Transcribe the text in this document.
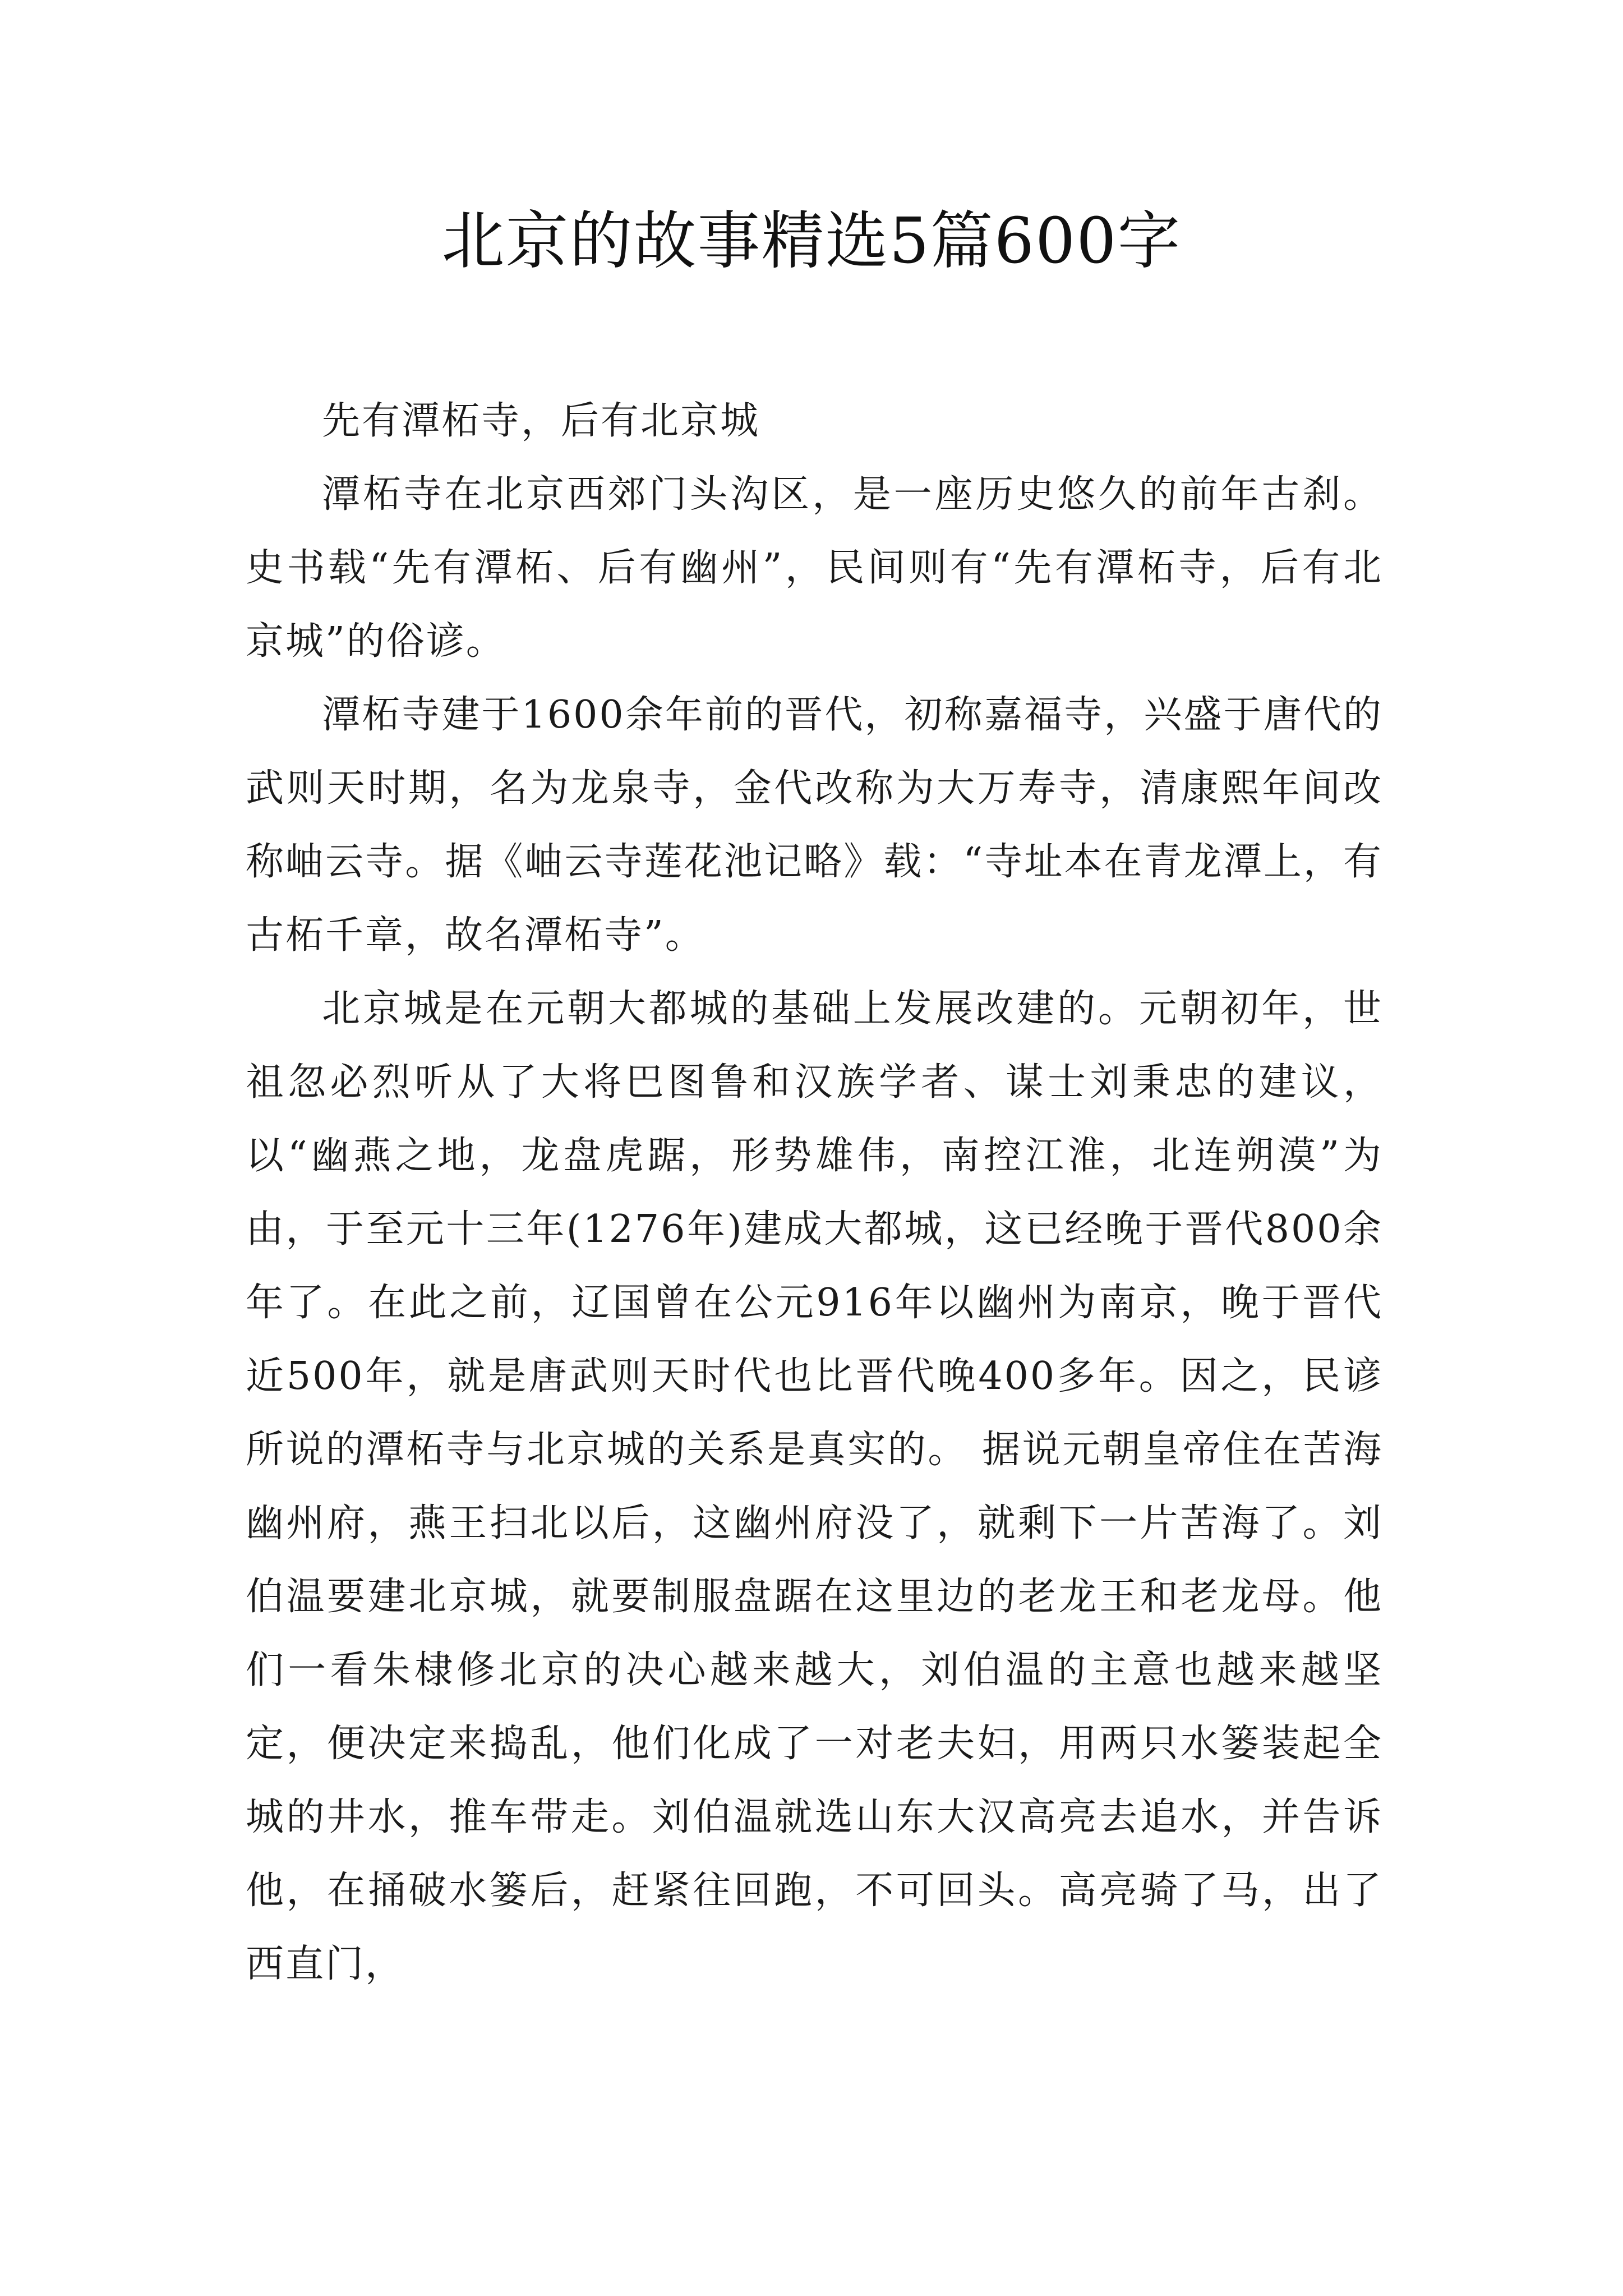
北京的故事精选5篇600字

先有潭柘寺，后有北京城

潭柘寺在北京西郊门头沟区，是一座历史悠久的前年古刹。史书载“先有潭柘、后有幽州”，民间则有“先有潭柘寺，后有北京城”的俗谚。

潭柘寺建于1600余年前的晋代，初称嘉福寺，兴盛于唐代的武则天时期，名为龙泉寺，金代改称为大万寿寺，清康熙年间改称岫云寺。据《岫云寺莲花池记略》载：“寺址本在青龙潭上，有古柘千章，故名潭柘寺”。

北京城是在元朝大都城的基础上发展改建的。元朝初年，世祖忽必烈听从了大将巴图鲁和汉族学者、谋士刘秉忠的建议，以“幽燕之地，龙盘虎踞，形势雄伟，南控江淮，北连朔漠”为由，于至元十三年(1276年)建成大都城，这已经晚于晋代800余年了。在此之前，辽国曾在公元916年以幽州为南京，晚于晋代近500年，就是唐武则天时代也比晋代晚400多年。因之，民谚所说的潭柘寺与北京城的关系是真实的。 据说元朝皇帝住在苦海幽州府，燕王扫北以后，这幽州府没了，就剩下一片苦海了。刘伯温要建北京城，就要制服盘踞在这里边的老龙王和老龙母。他们一看朱棣修北京的决心越来越大，刘伯温的主意也越来越坚定，便决定来捣乱，他们化成了一对老夫妇，用两只水篓装起全城的井水，推车带走。刘伯温就选山东大汉高亮去追水，并告诉他，在捅破水篓后，赶紧往回跑，不可回头。高亮骑了马，出了西直门，
